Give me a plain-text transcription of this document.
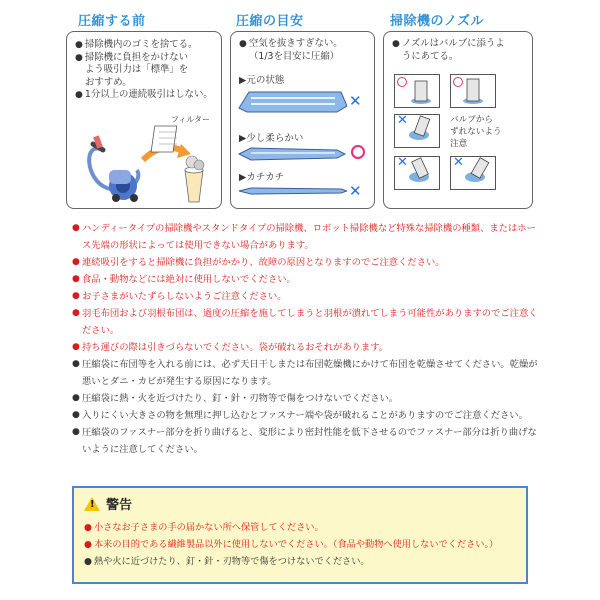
圧縮する前	圧縮の目安	掃除機のノズル
● 掃除機内のゴミを捨てる。
● 掃除機に負担をかけない
よう吸引力は「標準」を
おすすめ。
● 1分以上の連続吸引はしない。
フィルター
● 空気を抜きすぎない。
（1/3を目安に圧縮）
▶元の状態
✕
▶少し柔らかい
▶カチカチ
✕
● ノズルはバルブに添うよ
うにあてる。
✕	バルブから
ずれないよう
注意
✕	✕
● ハンディータイプの掃除機やスタンドタイプの掃除機、ロボット掃除機など特殊な掃除機の種類、またはホース先端の形状によっては使用できない場合があります。
● 連続吸引をすると掃除機に負担がかかり、故障の原因となりますのでご注意ください。
● 食品・動物などには絶対に使用しないでください。
● お子さまがいたずらしないようご注意ください。
● 羽毛布団および羽根布団は、過度の圧縮を施してしまうと羽根が潰れてしまう可能性がありますのでご注意ください。
● 持ち運びの際は引きづらないでください。袋が破れるおそれがあります。
● 圧縮袋に布団等を入れる前には、必ず天日干しまたは布団乾燥機にかけて布団を乾燥させてください。乾燥が悪いとダニ・カビが発生する原因になります。
● 圧縮袋に熱・火を近づけたり、釘・針・刃物等で傷をつけないでください。
● 入りにくい大きさの物を無理に押し込むとファスナー端や袋が破れることがありますのでご注意ください。
● 圧縮袋のファスナー部分を折り曲げると、変形により密封性能を低下させるのでファスナー部分は折り曲げないように注意してください。
! 警告
● 小さなお子さまの手の届かない所へ保管してください。
● 本来の目的である繊維製品以外に使用しないでください。（食品や動物へ使用しないでください。）
● 熱や火に近づけたり、釘・針・刃物等で傷をつけないでください。
